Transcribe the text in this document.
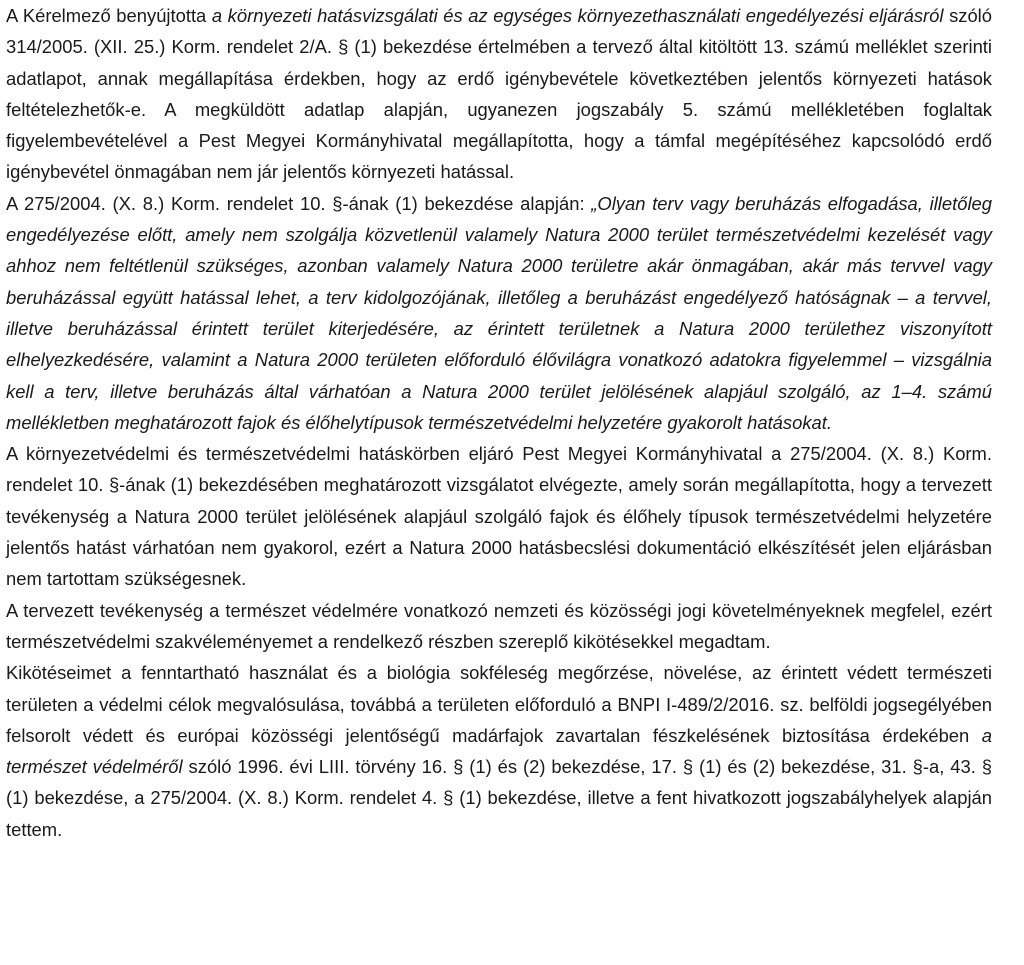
A Kérelmező benyújtotta a környezeti hatásvizsgálati és az egységes környezethasználati engedélyezési eljárásról szóló 314/2005. (XII. 25.) Korm. rendelet 2/A. § (1) bekezdése értelmében a tervező által kitöltött 13. számú melléklet szerinti adatlapot, annak megállapítása érdekben, hogy az erdő igénybevétele következtében jelentős környezeti hatások feltételezhetők-e. A megküldött adatlap alapján, ugyanezen jogszabály 5. számú mellékletében foglaltak figyelembevételével a Pest Megyei Kormányhivatal megállapította, hogy a támfal megépítéséhez kapcsolódó erdő igénybevétel önmagában nem jár jelentős környezeti hatással.

A 275/2004. (X. 8.) Korm. rendelet 10. §-ának (1) bekezdése alapján: „Olyan terv vagy beruházás elfogadása, illetőleg engedélyezése előtt, amely nem szolgálja közvetlenül valamely Natura 2000 terület természetvédelmi kezelését vagy ahhoz nem feltétlenül szükséges, azonban valamely Natura 2000 területre akár önmagában, akár más tervvel vagy beruházással együtt hatással lehet, a terv kidolgozójának, illetőleg a beruházást engedélyező hatóságnak – a tervvel, illetve beruházással érintett terület kiterjedésére, az érintett területnek a Natura 2000 területhez viszonyított elhelyezkedésére, valamint a Natura 2000 területen előforduló élővilágra vonatkozó adatokra figyelemmel – vizsgálnia kell a terv, illetve beruházás által várhatóan a Natura 2000 terület jelölésének alapjául szolgáló, az 1–4. számú mellékletben meghatározott fajok és élőhelytípusok természetvédelmi helyzetére gyakorolt hatásokat.

A környezetvédelmi és természetvédelmi hatáskörben eljáró Pest Megyei Kormányhivatal a 275/2004. (X. 8.) Korm. rendelet 10. §-ának (1) bekezdésében meghatározott vizsgálatot elvégezte, amely során megállapította, hogy a tervezett tevékenység a Natura 2000 terület jelölésének alapjául szolgáló fajok és élőhely típusok természetvédelmi helyzetére jelentős hatást várhatóan nem gyakorol, ezért a Natura 2000 hatásbecslési dokumentáció elkészítését jelen eljárásban nem tartottam szükségesnek.

A tervezett tevékenység a természet védelmére vonatkozó nemzeti és közösségi jogi követelményeknek megfelel, ezért természetvédelmi szakvéleményemet a rendelkező részben szereplő kikötésekkel megadtam.

Kikötéseimet a fenntartható használat és a biológia sokféleség megőrzése, növelése, az érintett védett természeti területen a védelmi célok megvalósulása, továbbá a területen előforduló a BNPI I-489/2/2016. sz. belföldi jogsegélyében felsorolt védett és európai közösségi jelentőségű madárfajok zavartalan fészkelésének biztosítása érdekében a természet védelméről szóló 1996. évi LIII. törvény 16. § (1) és (2) bekezdése, 17. § (1) és (2) bekezdése, 31. §-a, 43. § (1) bekezdése, a 275/2004. (X. 8.) Korm. rendelet 4. § (1) bekezdése, illetve a fent hivatkozott jogszabályhelyek alapján tettem.
